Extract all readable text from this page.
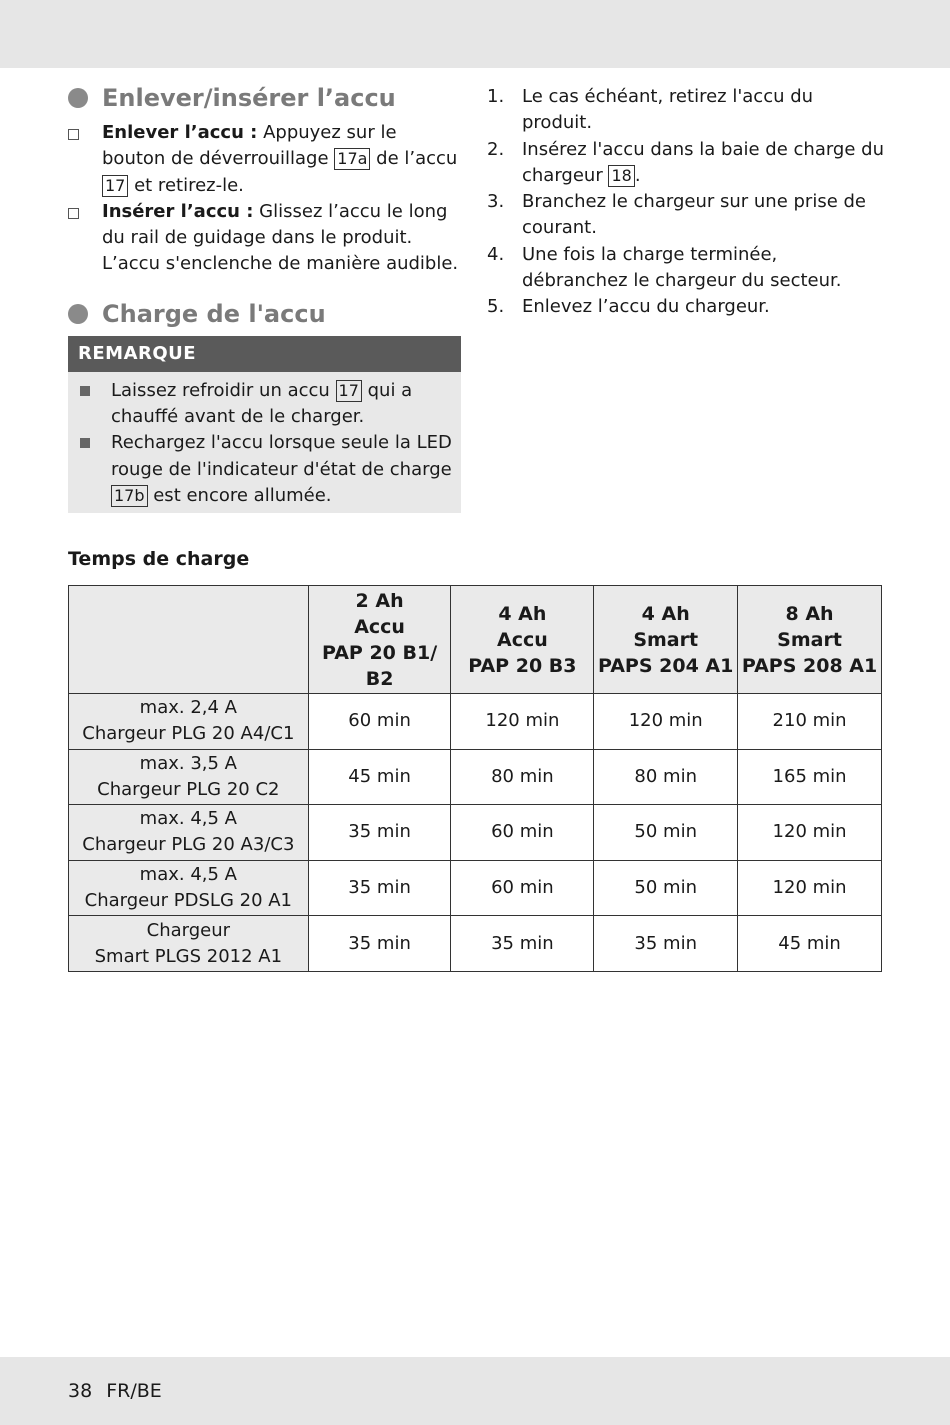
Enlever/insérer l’accu
Enlever l’accu : Appuyez sur le bouton de déverrouillage 17a de l’accu 17 et retirez-le.
Insérer l’accu : Glissez l’accu le long du rail de guidage dans le produit. L’accu s'enclenche de manière audible.
Charge de l'accu
REMARQUE
Laissez refroidir un accu 17 qui a chauffé avant de le charger.
Rechargez l'accu lorsque seule la LED rouge de l'indicateur d'état de charge 17b est encore allumée.
1. Le cas échéant, retirez l'accu du produit.
2. Insérez l'accu dans la baie de charge du chargeur 18 .
3. Branchez le chargeur sur une prise de courant.
4. Une fois la charge terminée, débranchez le chargeur du secteur.
5. Enlevez l’accu du chargeur.
Temps de charge
	2 Ah
Accu
PAP 20 B1/
B2	4 Ah
Accu
PAP 20 B3	4 Ah
Smart
PAPS 204 A1	8 Ah
Smart
PAPS 208 A1
max. 2,4 A
Chargeur PLG 20 A4/C1	60 min	120 min	120 min	210 min
max. 3,5 A
Chargeur PLG 20 C2	45 min	80 min	80 min	165 min
max. 4,5 A
Chargeur PLG 20 A3/C3	35 min	60 min	50 min	120 min
max. 4,5 A
Chargeur PDSLG 20 A1	35 min	60 min	50 min	120 min
Chargeur
Smart PLGS 2012 A1	35 min	35 min	35 min	45 min
38 FR/BE
